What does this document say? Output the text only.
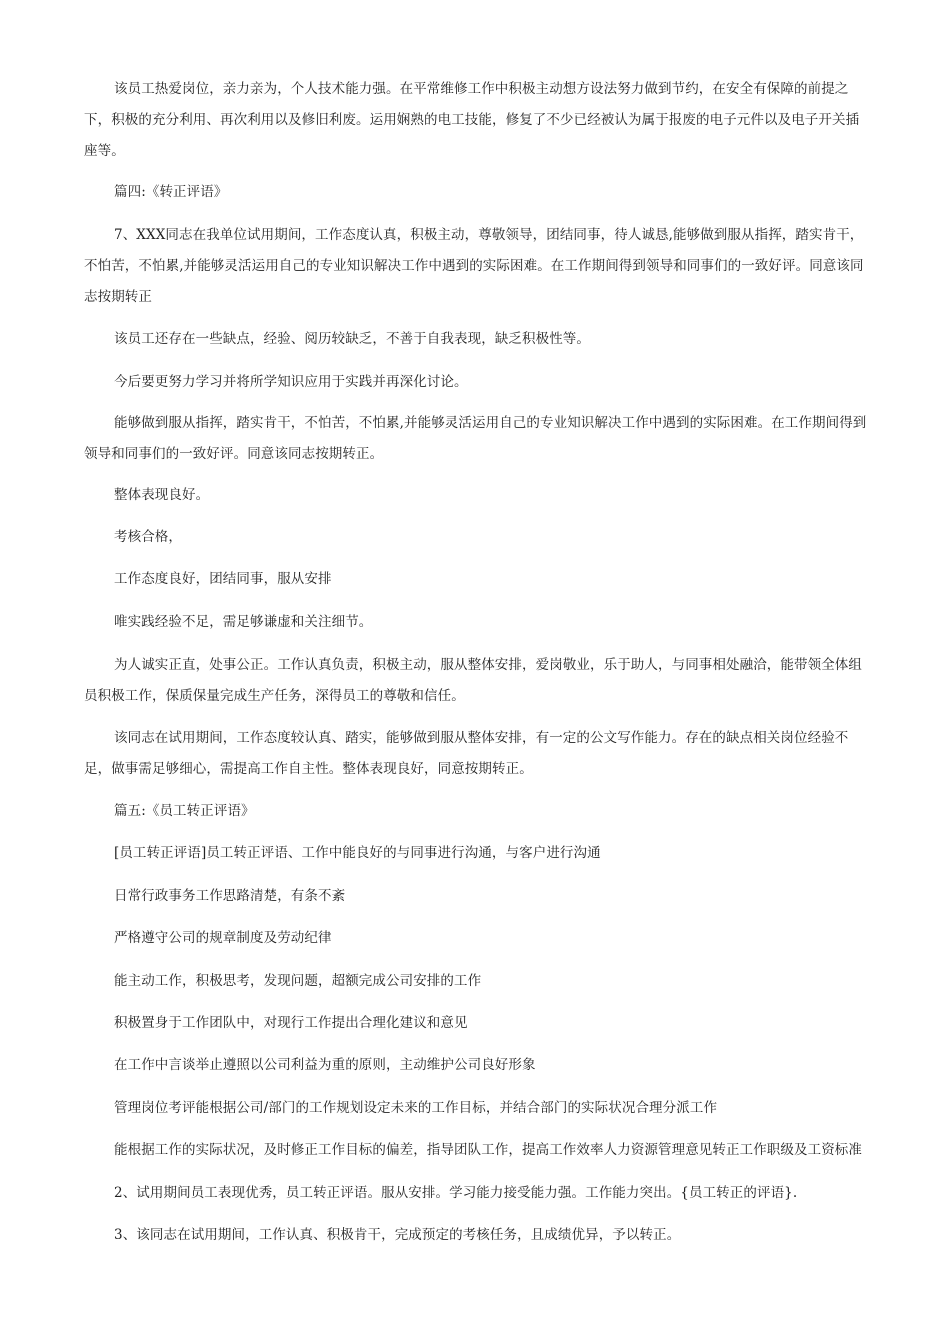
该员工热爱岗位，亲力亲为，个人技术能力强。在平常维修工作中积极主动想方设法努力做到节约，在安全有保障的前提之下，积极的充分利用、再次利用以及修旧利废。运用娴熟的电工技能，修复了不少已经被认为属于报废的电子元件以及电子开关插座等。

篇四:《转正评语》

7、XXX同志在我单位试用期间，工作态度认真，积极主动，尊敬领导，团结同事，待人诚恳,能够做到服从指挥，踏实肯干，不怕苦，不怕累,并能够灵活运用自己的专业知识解决工作中遇到的实际困难。在工作期间得到领导和同事们的一致好评。同意该同志按期转正

该员工还存在一些缺点，经验、阅历较缺乏，不善于自我表现，缺乏积极性等。

今后要更努力学习并将所学知识应用于实践并再深化讨论。

能够做到服从指挥，踏实肯干，不怕苦，不怕累,并能够灵活运用自己的专业知识解决工作中遇到的实际困难。在工作期间得到领导和同事们的一致好评。同意该同志按期转正。

整体表现良好。

考核合格，

工作态度良好，团结同事，服从安排

唯实践经验不足，需足够谦虚和关注细节。

为人诚实正直，处事公正。工作认真负责，积极主动，服从整体安排，爱岗敬业，乐于助人，与同事相处融洽，能带领全体组员积极工作，保质保量完成生产任务，深得员工的尊敬和信任。

该同志在试用期间，工作态度较认真、踏实，能够做到服从整体安排，有一定的公文写作能力。存在的缺点相关岗位经验不足，做事需足够细心，需提高工作自主性。整体表现良好，同意按期转正。

篇五:《员工转正评语》

[员工转正评语]员工转正评语、工作中能良好的与同事进行沟通，与客户进行沟通

日常行政事务工作思路清楚，有条不紊

严格遵守公司的规章制度及劳动纪律

能主动工作，积极思考，发现问题，超额完成公司安排的工作

积极置身于工作团队中，对现行工作提出合理化建议和意见

在工作中言谈举止遵照以公司利益为重的原则，主动维护公司良好形象

管理岗位考评能根据公司/部门的工作规划设定未来的工作目标，并结合部门的实际状况合理分派工作

能根据工作的实际状况，及时修正工作目标的偏差，指导团队工作，提高工作效率人力资源管理意见转正工作职级及工资标准

2、试用期间员工表现优秀，员工转正评语。服从安排。学习能力接受能力强。工作能力突出。{员工转正的评语}.

3、该同志在试用期间，工作认真、积极肯干，完成预定的考核任务，且成绩优异，予以转正。
